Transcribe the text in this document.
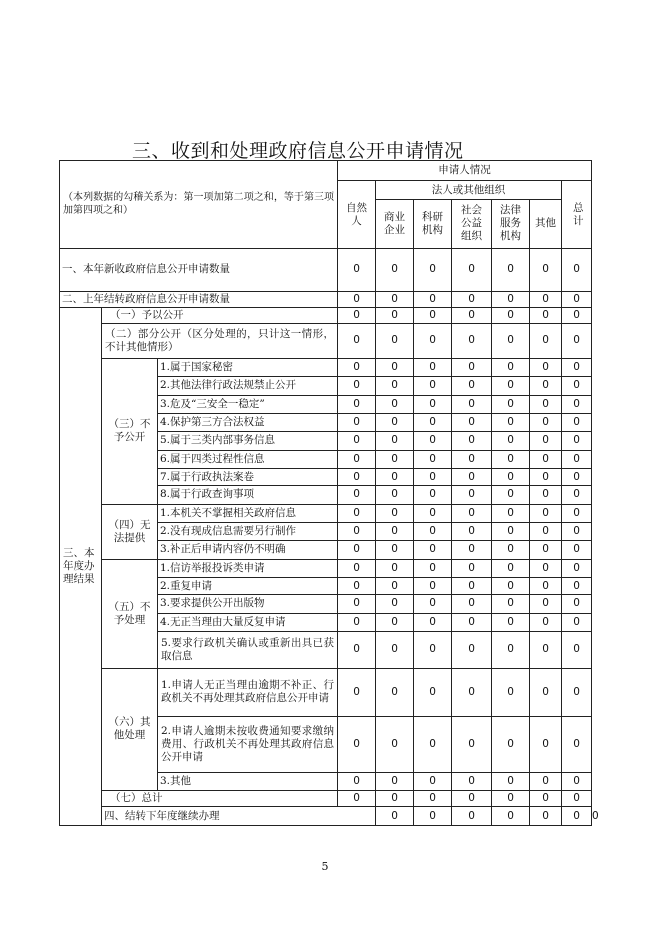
三、收到和处理政府信息公开申请情况
（本列数据的勾稽关系为：第一项加第二项之和，等于第三项加第四项之和）			申请人情况							
			自然人	法人或其他组织					总计	
				商业企业	科研机构	社会公益组织	法律服务机构	其他		
一、本年新收政府信息公开申请数量			0	0	0	0	0	0	0	
二、上年结转政府信息公开申请数量			0	0	0	0	0	0	0	
三、本年度办理结果	（一）予以公开		0	0	0	0	0	0	0	
	（二）部分公开（区分处理的，只计这一情形，不计其他情形）		0	0	0	0	0	0	0	
	（三）不予公开	1.属于国家秘密	0	0	0	0	0	0	0	
		2.其他法律行政法规禁止公开	0	0	0	0	0	0	0	
		3.危及“三安全一稳定”	0	0	0	0	0	0	0	
		4.保护第三方合法权益	0	0	0	0	0	0	0	
		5.属于三类内部事务信息	0	0	0	0	0	0	0	
		6.属于四类过程性信息	0	0	0	0	0	0	0	
		7.属于行政执法案卷	0	0	0	0	0	0	0	
		8.属于行政查询事项	0	0	0	0	0	0	0	
	（四）无法提供	1.本机关不掌握相关政府信息	0	0	0	0	0	0	0	
		2.没有现成信息需要另行制作	0	0	0	0	0	0	0	
		3.补正后申请内容仍不明确	0	0	0	0	0	0	0	
	（五）不予处理	1.信访举报投诉类申请	0	0	0	0	0	0	0	
		2.重复申请	0	0	0	0	0	0	0	
		3.要求提供公开出版物	0	0	0	0	0	0	0	
		4.无正当理由大量反复申请	0	0	0	0	0	0	0	
		5.要求行政机关确认或重新出具已获取信息	0	0	0	0	0	0	0	
	（六）其他处理	1.申请人无正当理由逾期不补正、行政机关不再处理其政府信息公开申请	0	0	0	0	0	0	0	
		2.申请人逾期未按收费通知要求缴纳费用、行政机关不再处理其政府信息公开申请	0	0	0	0	0	0	0	
		3.其他	0	0	0	0	0	0	0	
	（七）总计		0	0	0	0	0	0	0	
	四、结转下年度继续办理			0	0	0	0	0	0	0
5
